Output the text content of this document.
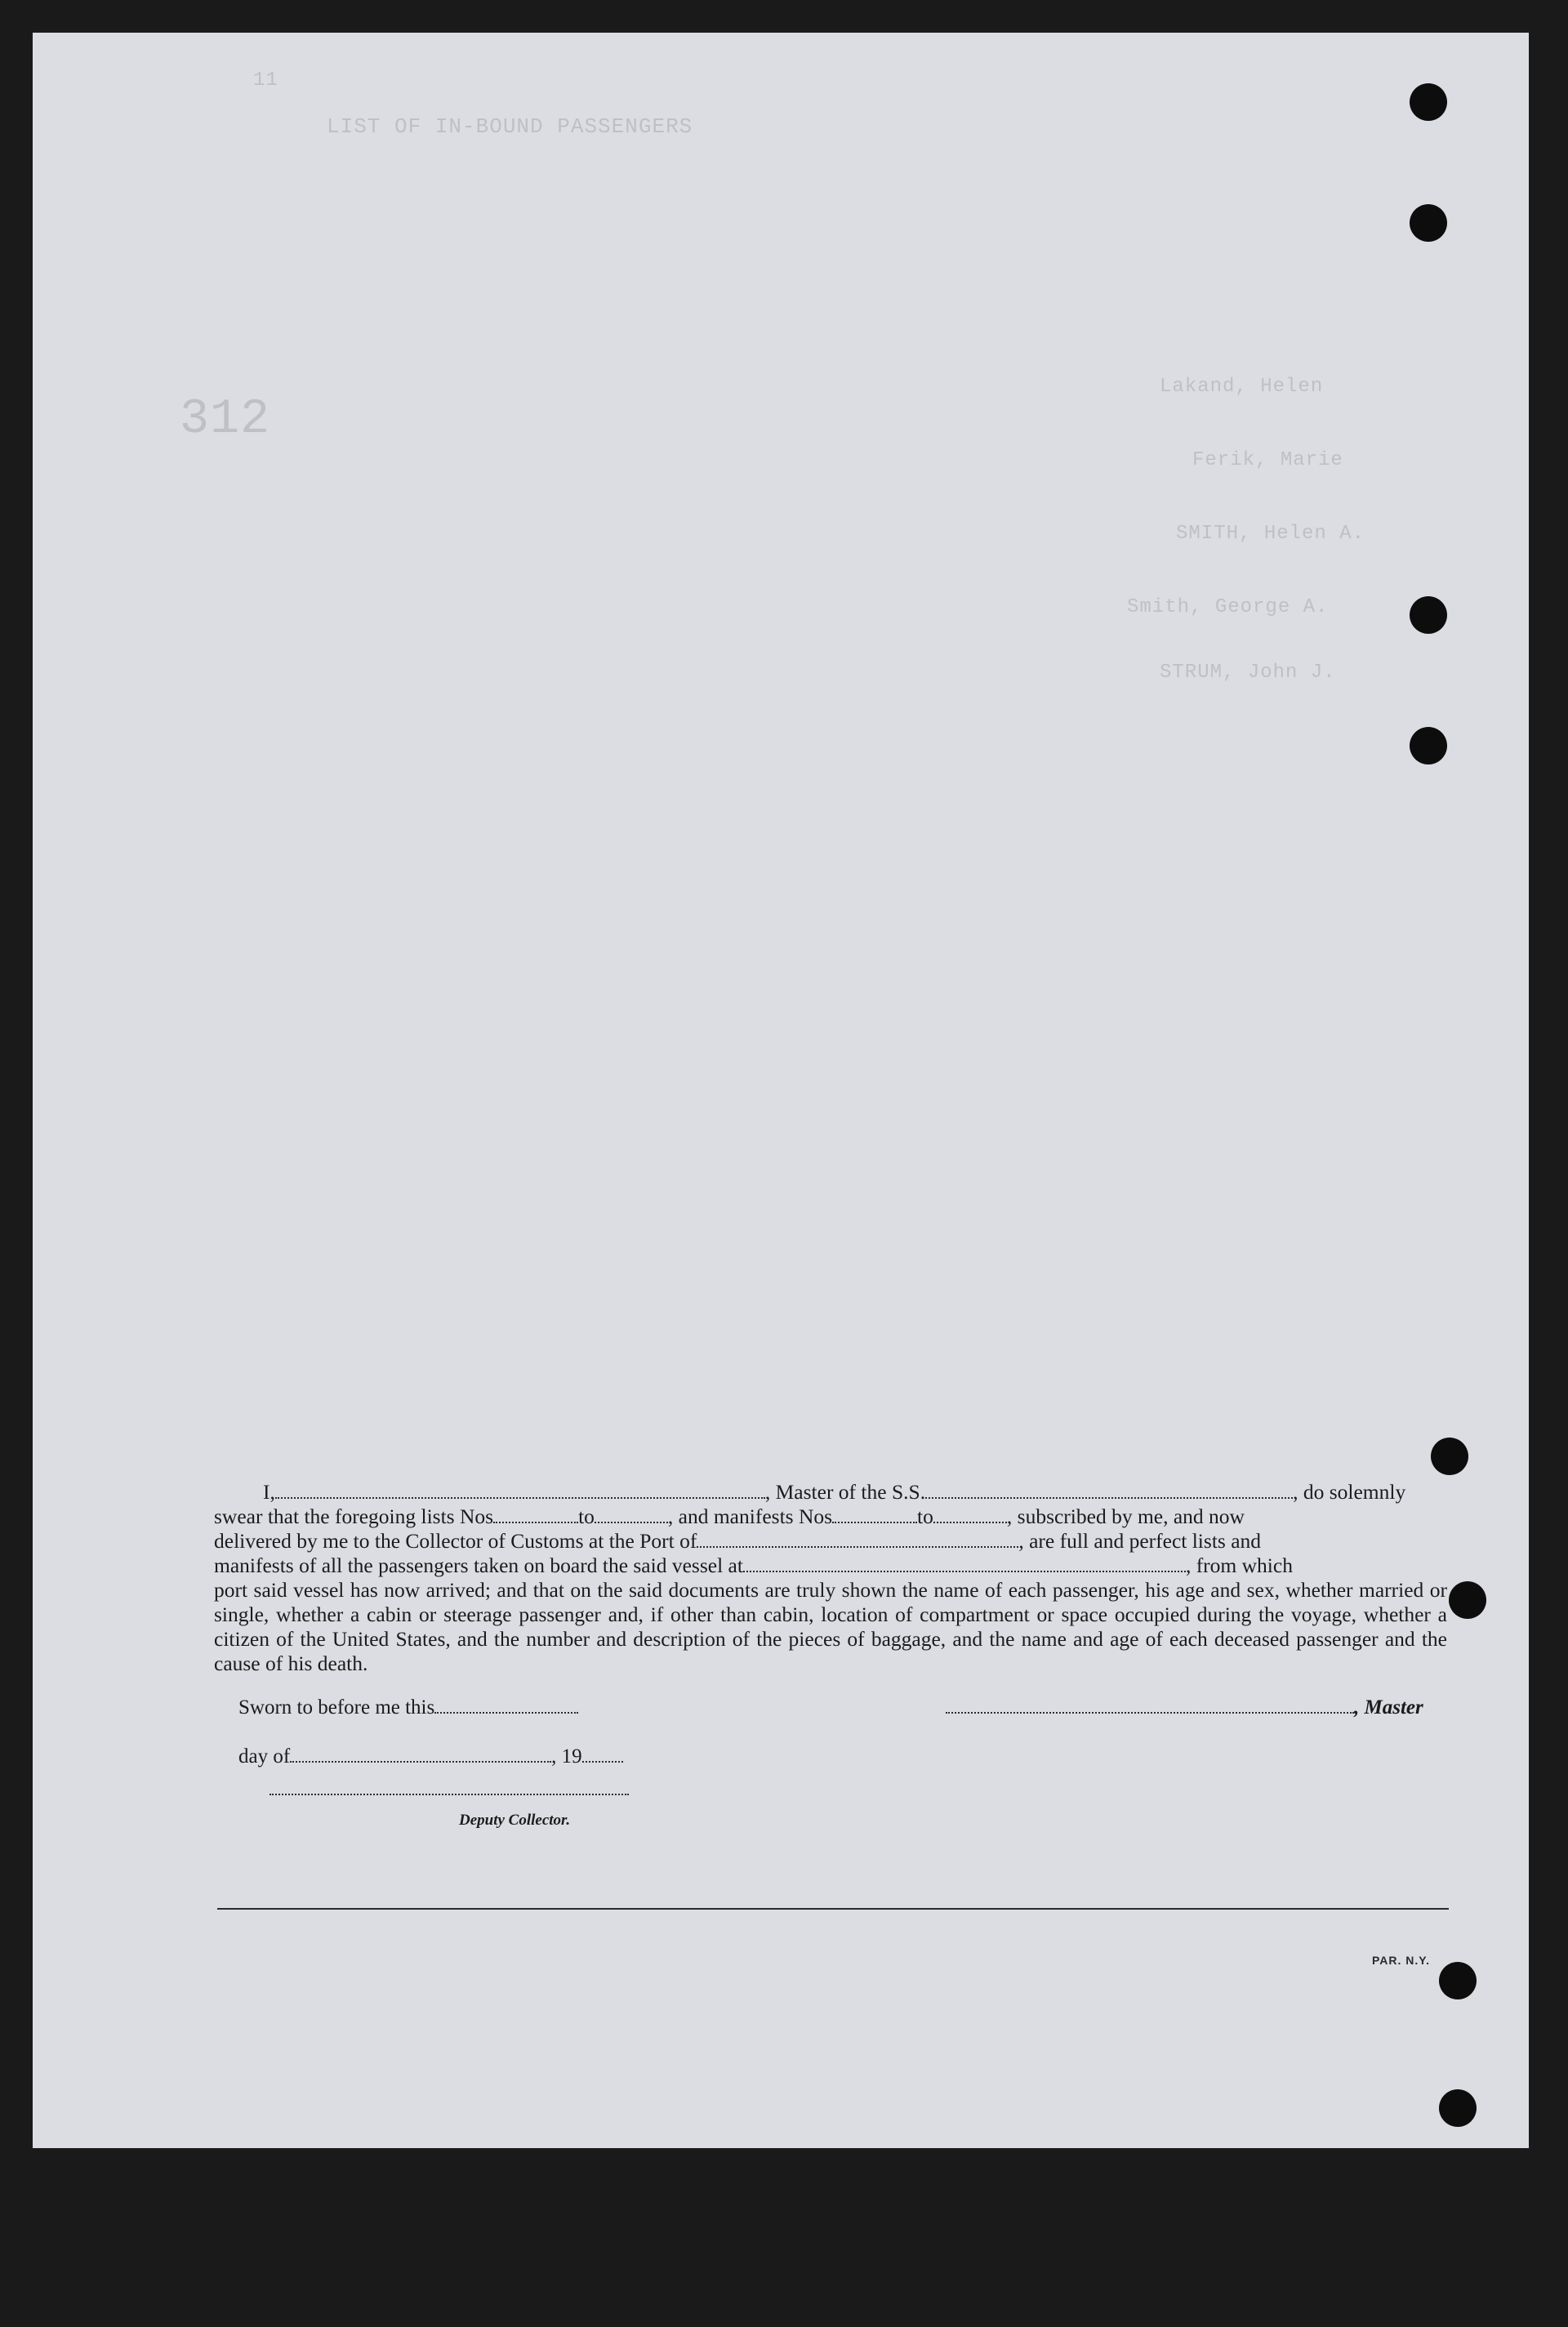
11
LIST OF IN-BOUND PASSENGERS
Lakand, Helen
Ferik, Marie
SMITH, Helen A.
Smith, George A.
STRUM, John J.
312

I,	, Master of the S.S.	, do solemnly

swear that the foregoing lists Nos	to	, and manifests Nos	to	, subscribed by me, and now
delivered by me to the Collector of Customs at the Port of	, are full and perfect lists and
manifests of all the passengers taken on board the said vessel at	, from which
port said vessel has now arrived; and that on the said documents are truly shown the name of each passenger, his age and sex, whether married or single, whether a cabin or steerage passenger and, if other than cabin, location of compartment or space occupied during the voyage, whether a citizen of the United States, and the number and description of the pieces of baggage, and the name and age of each deceased passenger and the cause of his death.
Sworn to before me this	, Master
day of	, 19
Deputy Collector.
PAR. N.Y.
